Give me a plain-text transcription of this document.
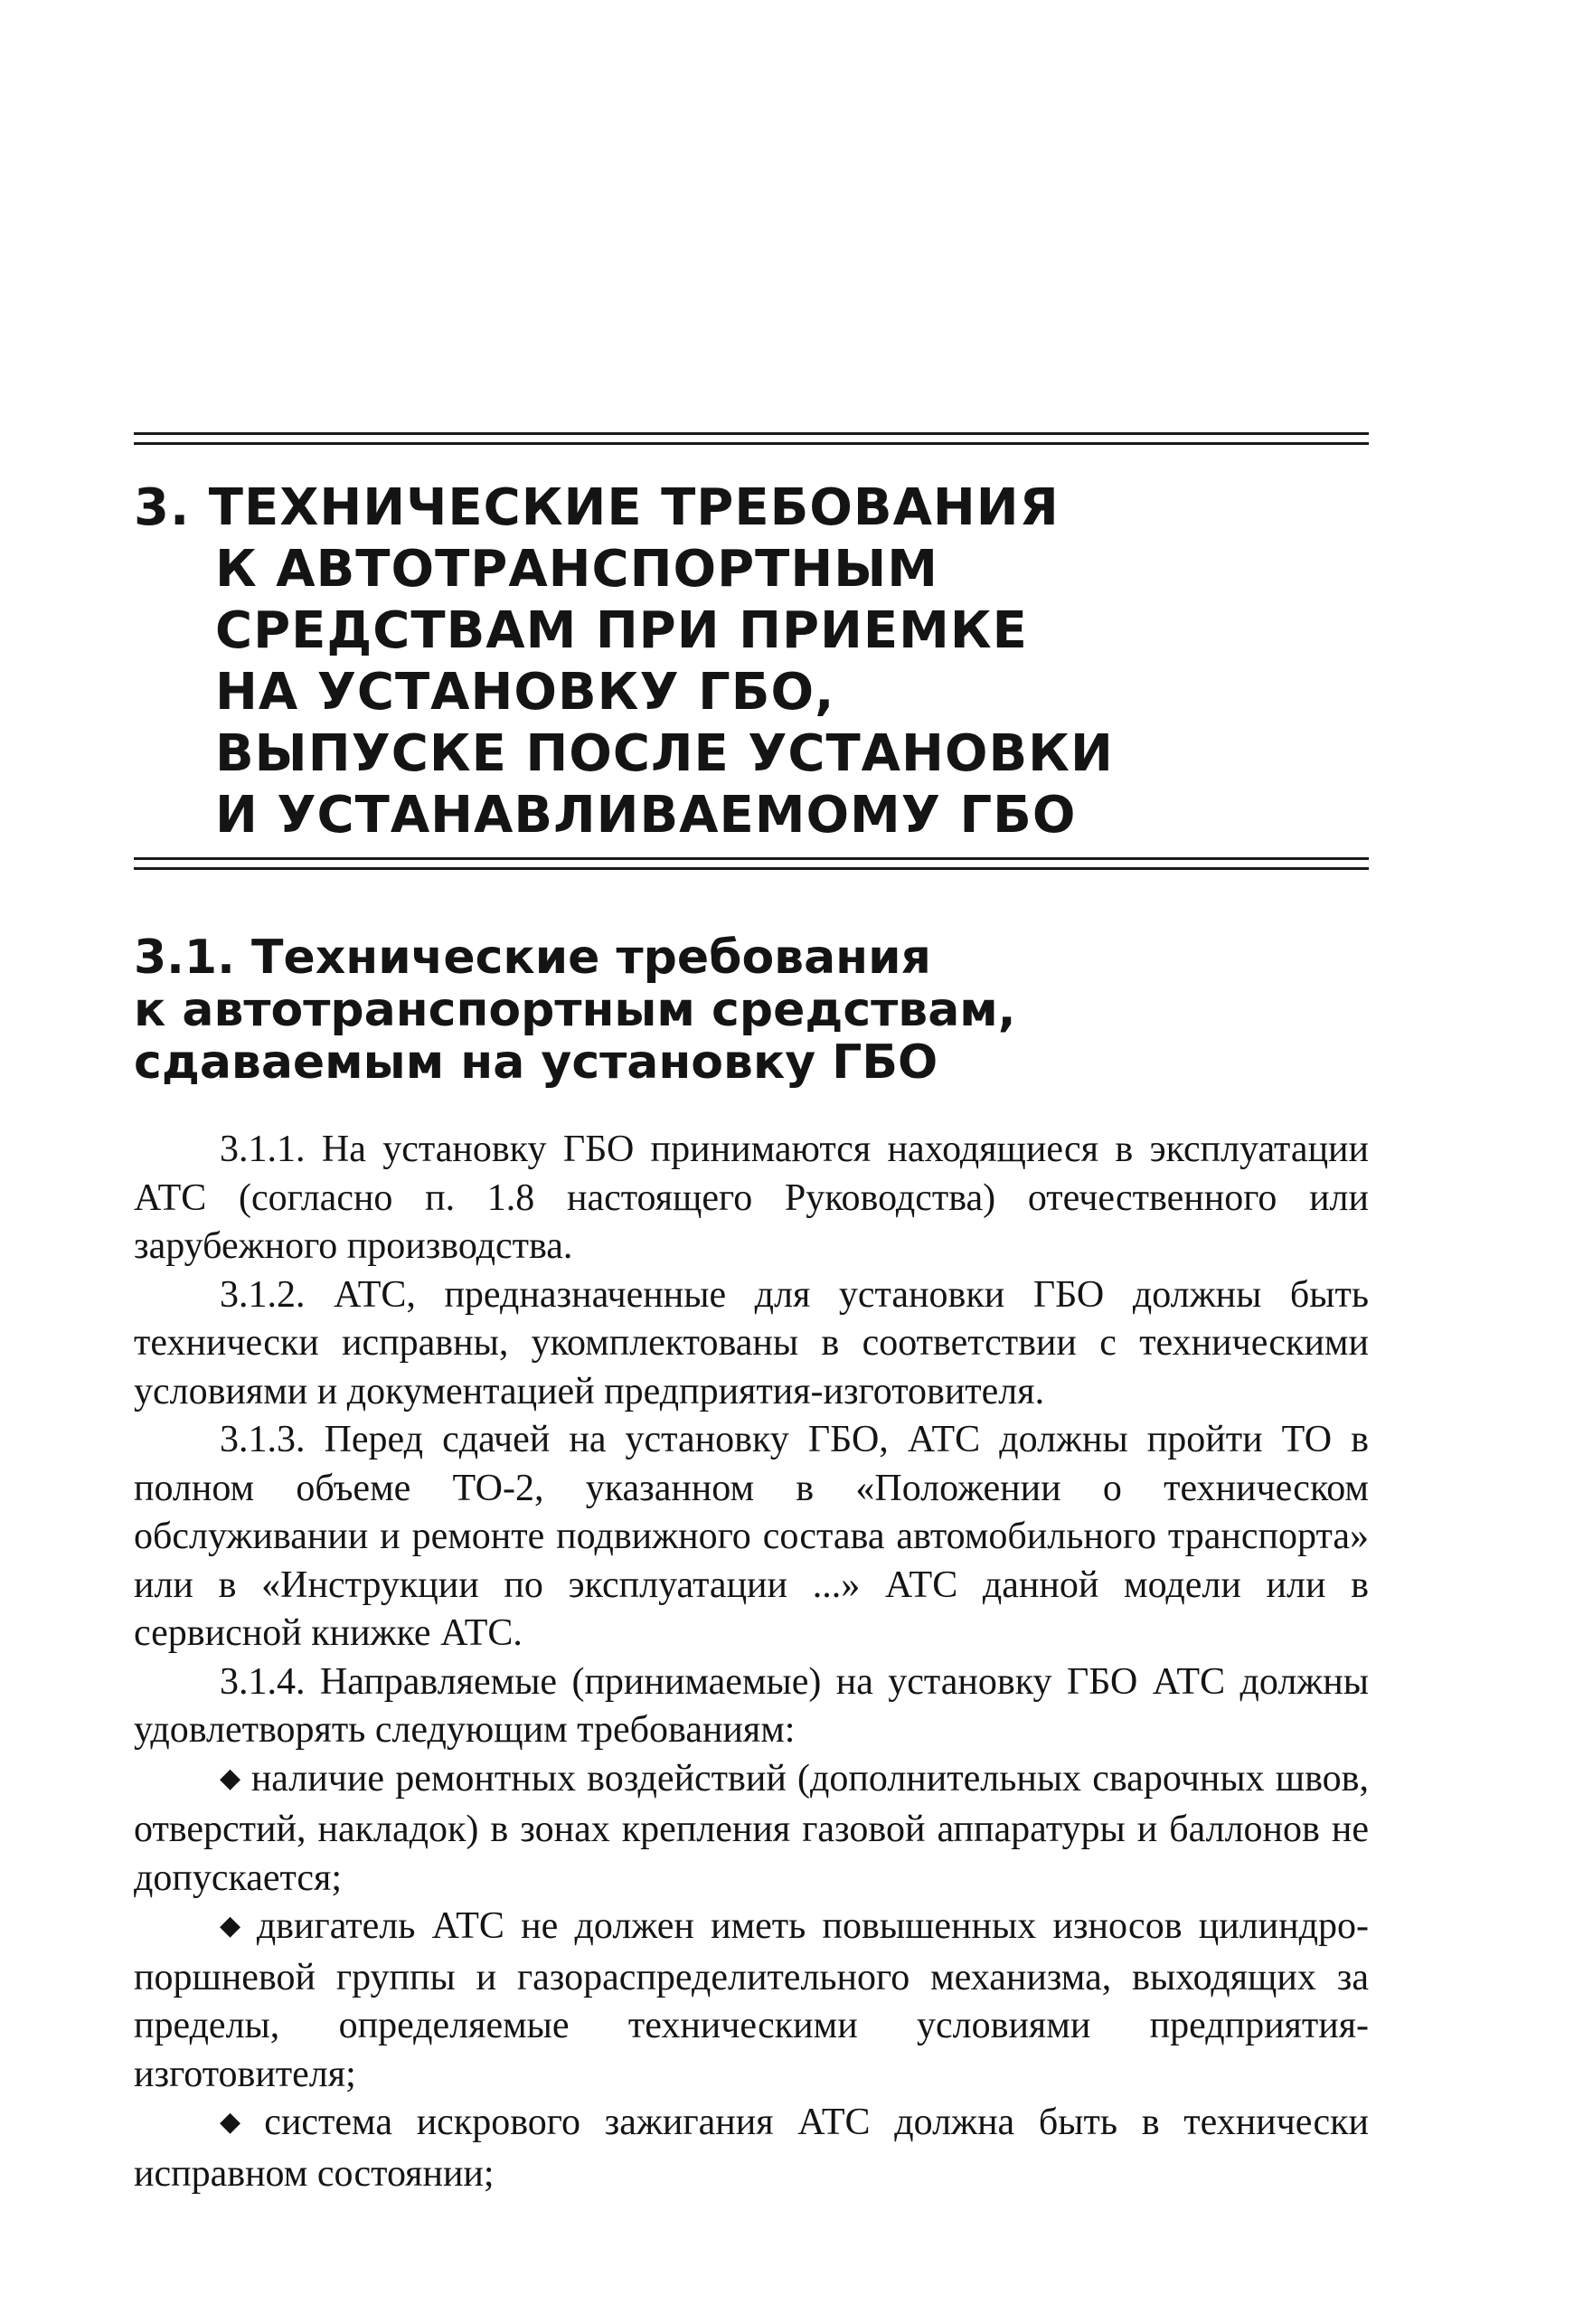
3. ТЕХНИЧЕСКИЕ ТРЕБОВАНИЯ
К АВТОТРАНСПОРТНЫМ
СРЕДСТВАМ ПРИ ПРИЕМКЕ
НА УСТАНОВКУ ГБО,
ВЫПУСКЕ ПОСЛЕ УСТАНОВКИ
И УСТАНАВЛИВАЕМОМУ ГБО
3.1. Технические требования
к автотранспортным средствам,
сдаваемым на установку ГБО

3.1.1. На установку ГБО принимаются находящиеся в эксплуатации АТС (согласно п. 1.8 настоящего Руководства) отечественного или зарубежного производства.

3.1.2. АТС, предназначенные для установки ГБО должны быть технически исправны, укомплектованы в соответствии с техническими условиями и документацией предприятия-изготовителя.

3.1.3. Перед сдачей на установку ГБО, АТС должны пройти ТО в полном объеме ТО-2, указанном в «Положении о техническом обслуживании и ремонте подвижного состава автомобильного транспорта» или в «Инструкции по эксплуатации ...» АТС данной модели или в сервисной книжке АТС.

3.1.4. Направляемые (принимаемые) на установку ГБО АТС должны удовлетворять следующим требованиям:

◆ наличие ремонтных воздействий (дополнительных сварочных швов, отверстий, накладок) в зонах крепления газовой аппаратуры и баллонов не допускается;

◆ двигатель АТС не должен иметь повышенных износов цилиндро-поршневой группы и газораспределительного механизма, выходящих за пределы, определяемые техническими условиями предприятия-изготовителя;

◆ система искрового зажигания АТС должна быть в технически исправном состоянии;
